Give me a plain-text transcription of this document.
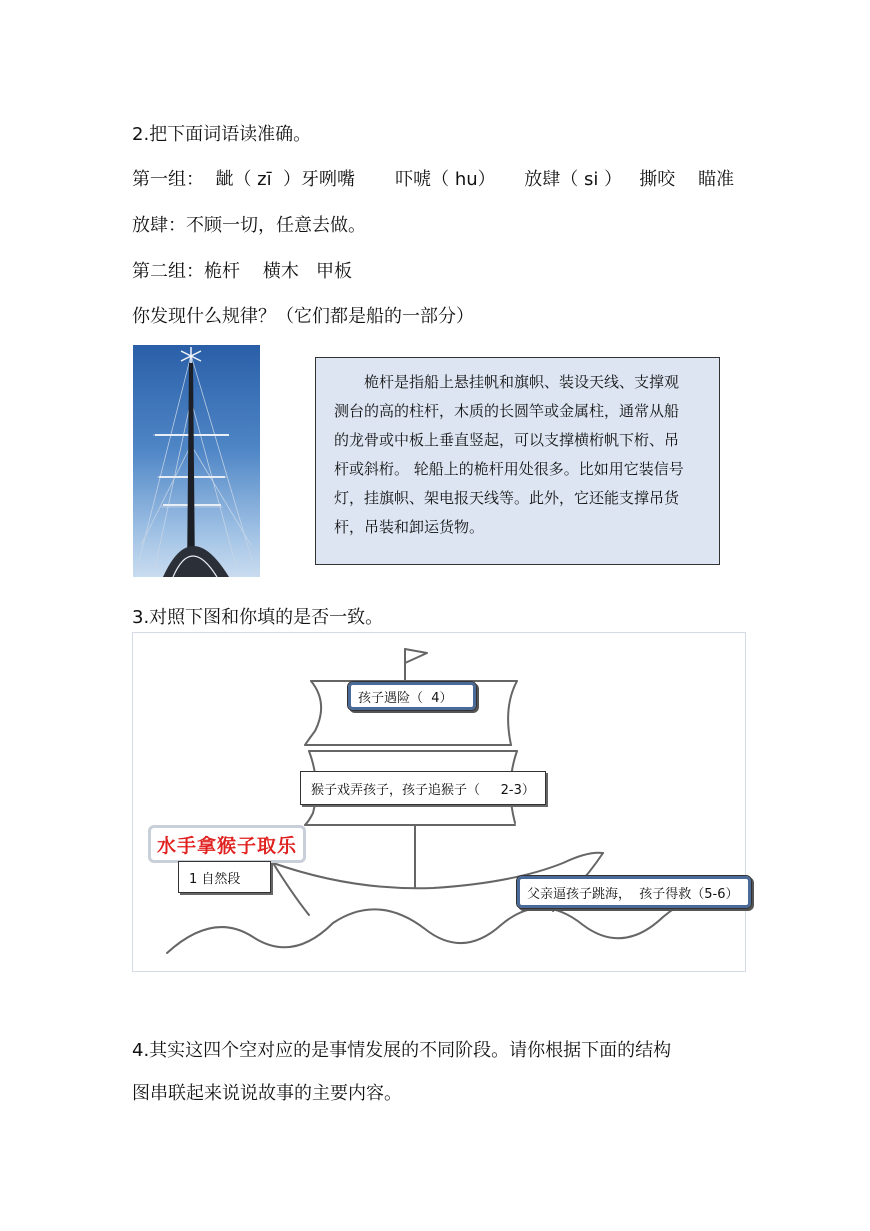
2.把下面词语读准确。
第一组：  龇（ zī  ）牙咧嘴       吓唬（ hu）     放肆（ si ）   撕咬    瞄准
放肆：不顾一切，任意去做。
第二组：桅杆    横木   甲板
你发现什么规律？（它们都是船的一部分）

桅杆是指船上悬挂帆和旗帜、装设天线、支撑观测台的高的柱杆，木质的长圆竿或金属柱，通常从船的龙骨或中板上垂直竖起，可以支撑横桁帆下桁、吊杆或斜桁。 轮船上的桅杆用处很多。比如用它装信号灯，挂旗帜、架电报天线等。此外，它还能支撑吊货杆，吊装和卸运货物。

3.对照下图和你填的是否一致。
孩子遇险（  4）
猴子戏弄孩子，孩子追猴子（     2-3）
水手拿猴子取乐
1 自然段
父亲逼孩子跳海，  孩子得救（5-6）
4.其实这四个空对应的是事情发展的不同阶段。请你根据下面的结构
图串联起来说说故事的主要内容。
